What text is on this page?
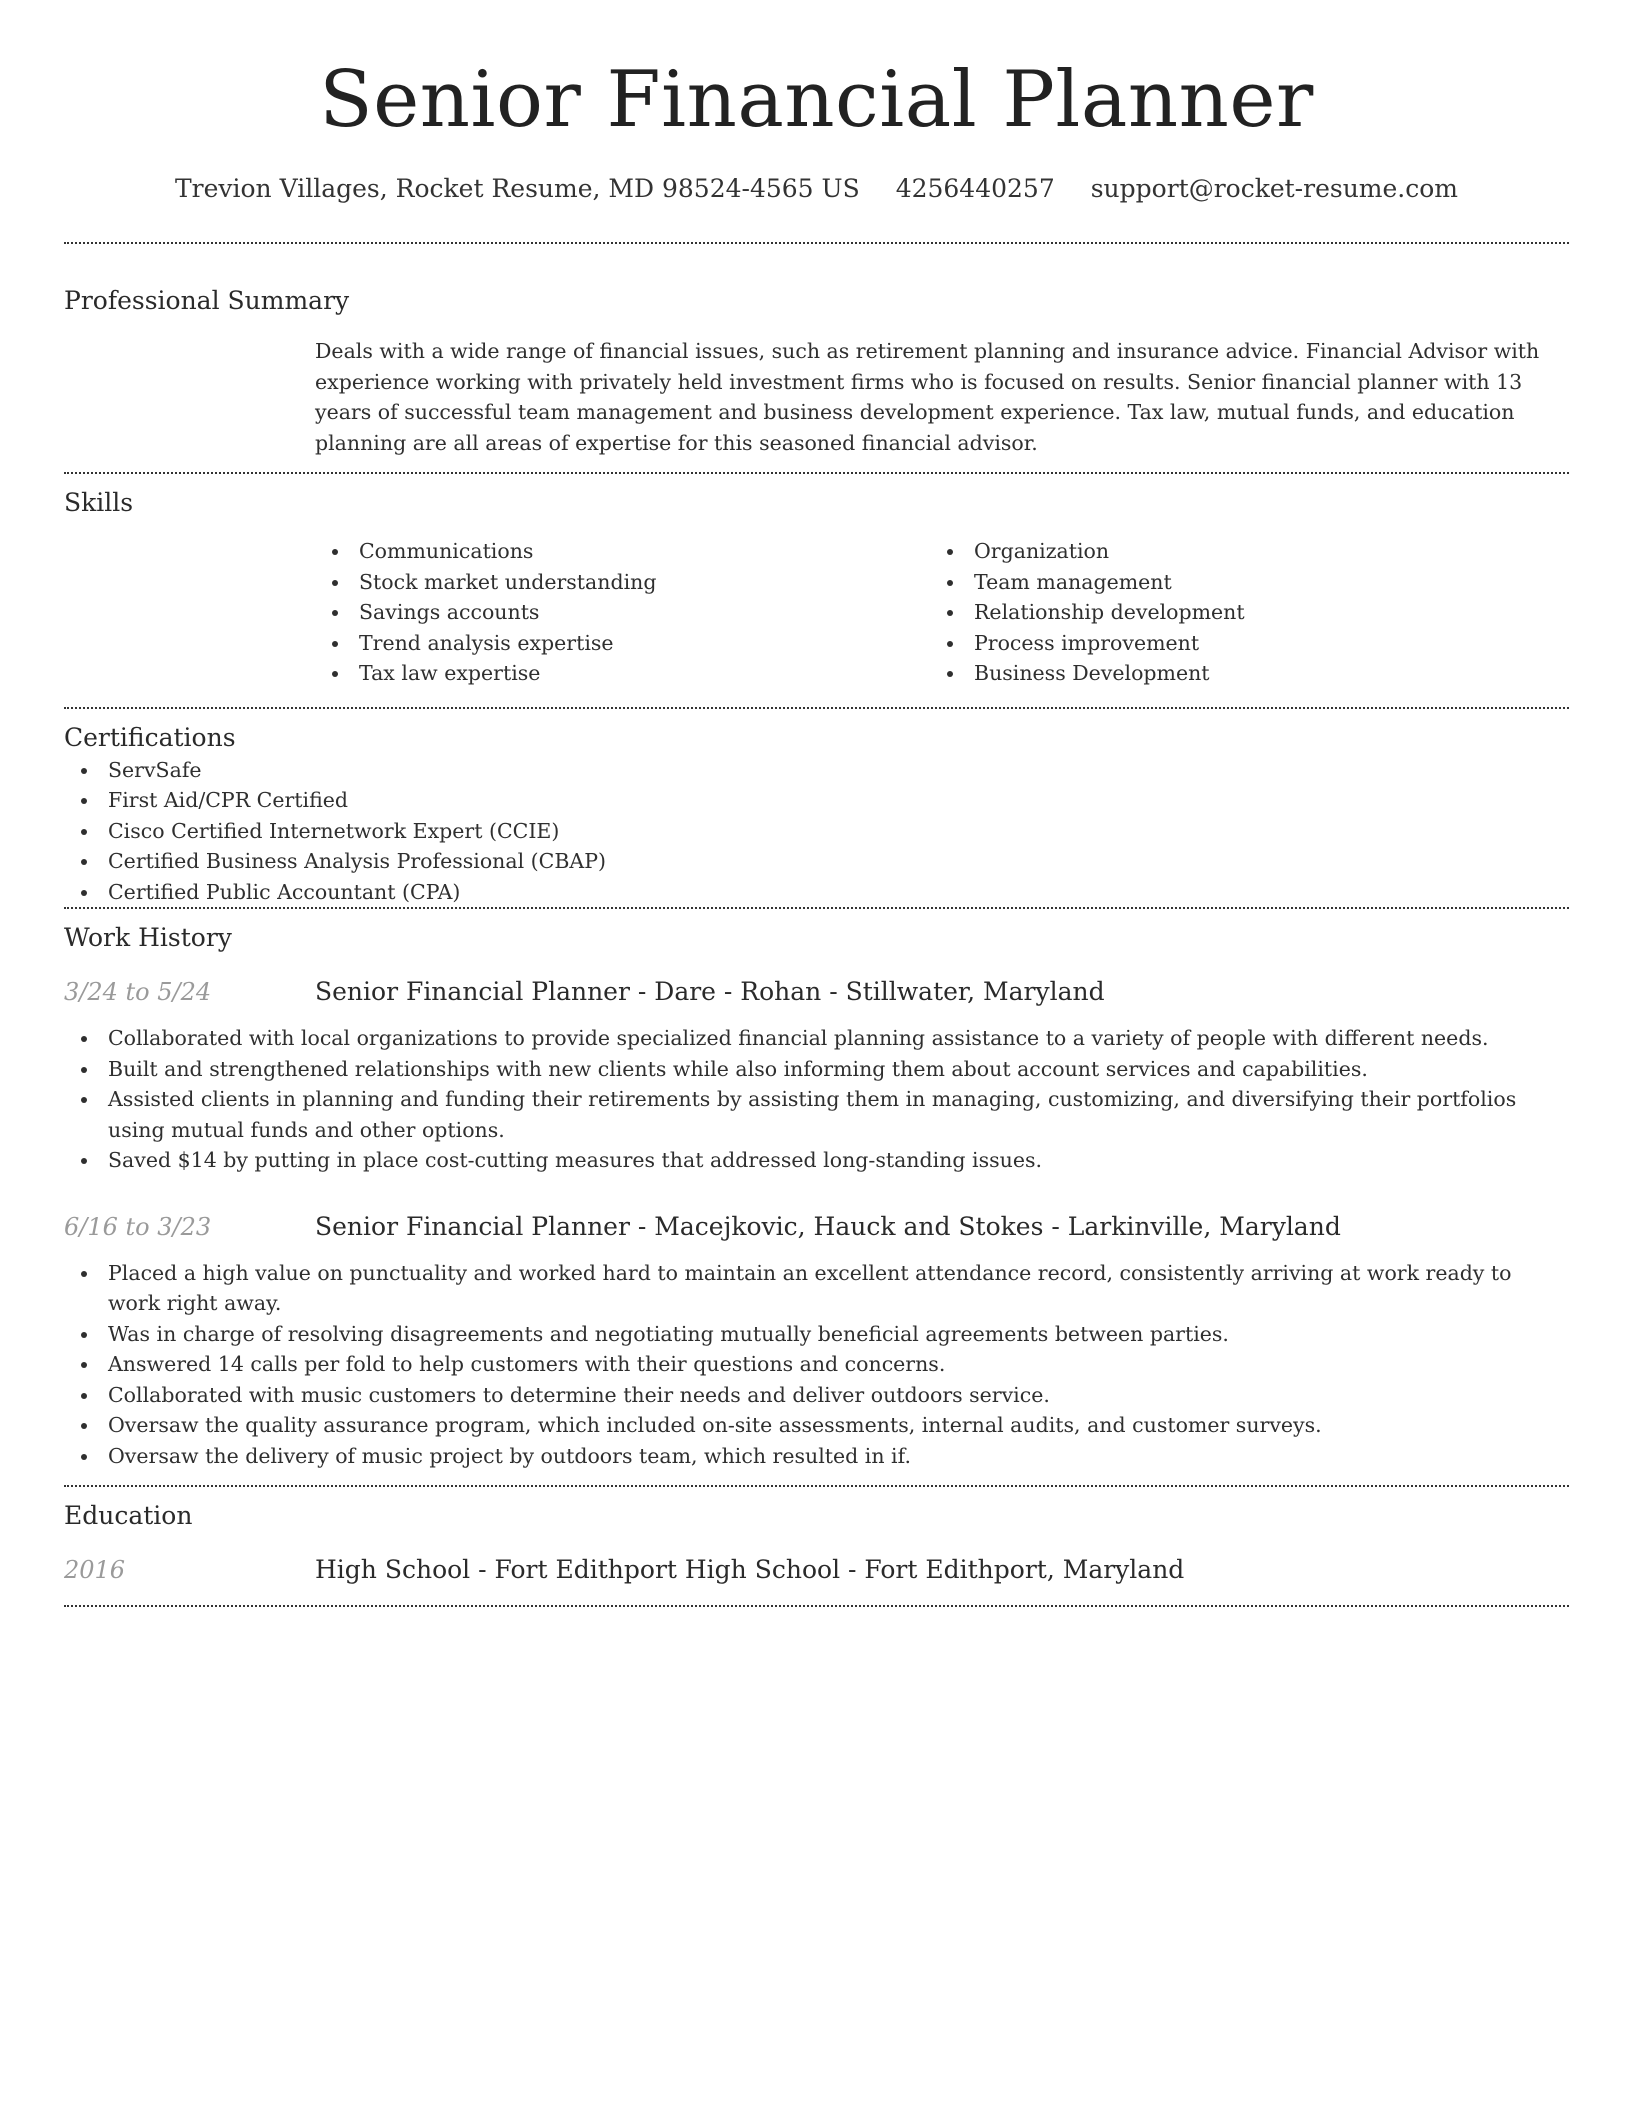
Senior Financial Planner
Trevion Villages, Rocket Resume, MD 98524-4565 US 4256440257 support@rocket-resume.com
Professional Summary
Deals with a wide range of financial issues, such as retirement planning and insurance advice. Financial Advisor with experience working with privately held investment firms who is focused on results. Senior financial planner with 13 years of successful team management and business development experience. Tax law, mutual funds, and education planning are all areas of expertise for this seasoned financial advisor.
Skills
Communications
Stock market understanding
Savings accounts
Trend analysis expertise
Tax law expertise
Organization
Team management
Relationship development
Process improvement
Business Development
Certifications
ServSafe
First Aid/CPR Certified
Cisco Certified Internetwork Expert (CCIE)
Certified Business Analysis Professional (CBAP)
Certified Public Accountant (CPA)
Work History
3/24 to 5/24	Senior Financial Planner - Dare - Rohan - Stillwater, Maryland
Collaborated with local organizations to provide specialized financial planning assistance to a variety of people with different needs.
Built and strengthened relationships with new clients while also informing them about account services and capabilities.
Assisted clients in planning and funding their retirements by assisting them in managing, customizing, and diversifying their portfolios using mutual funds and other options.
Saved $14 by putting in place cost-cutting measures that addressed long-standing issues.
6/16 to 3/23	Senior Financial Planner - Macejkovic, Hauck and Stokes - Larkinville, Maryland
Placed a high value on punctuality and worked hard to maintain an excellent attendance record, consistently arriving at work ready to work right away.
Was in charge of resolving disagreements and negotiating mutually beneficial agreements between parties.
Answered 14 calls per fold to help customers with their questions and concerns.
Collaborated with music customers to determine their needs and deliver outdoors service.
Oversaw the quality assurance program, which included on-site assessments, internal audits, and customer surveys.
Oversaw the delivery of music project by outdoors team, which resulted in if.
Education
2016	High School - Fort Edithport High School - Fort Edithport, Maryland
